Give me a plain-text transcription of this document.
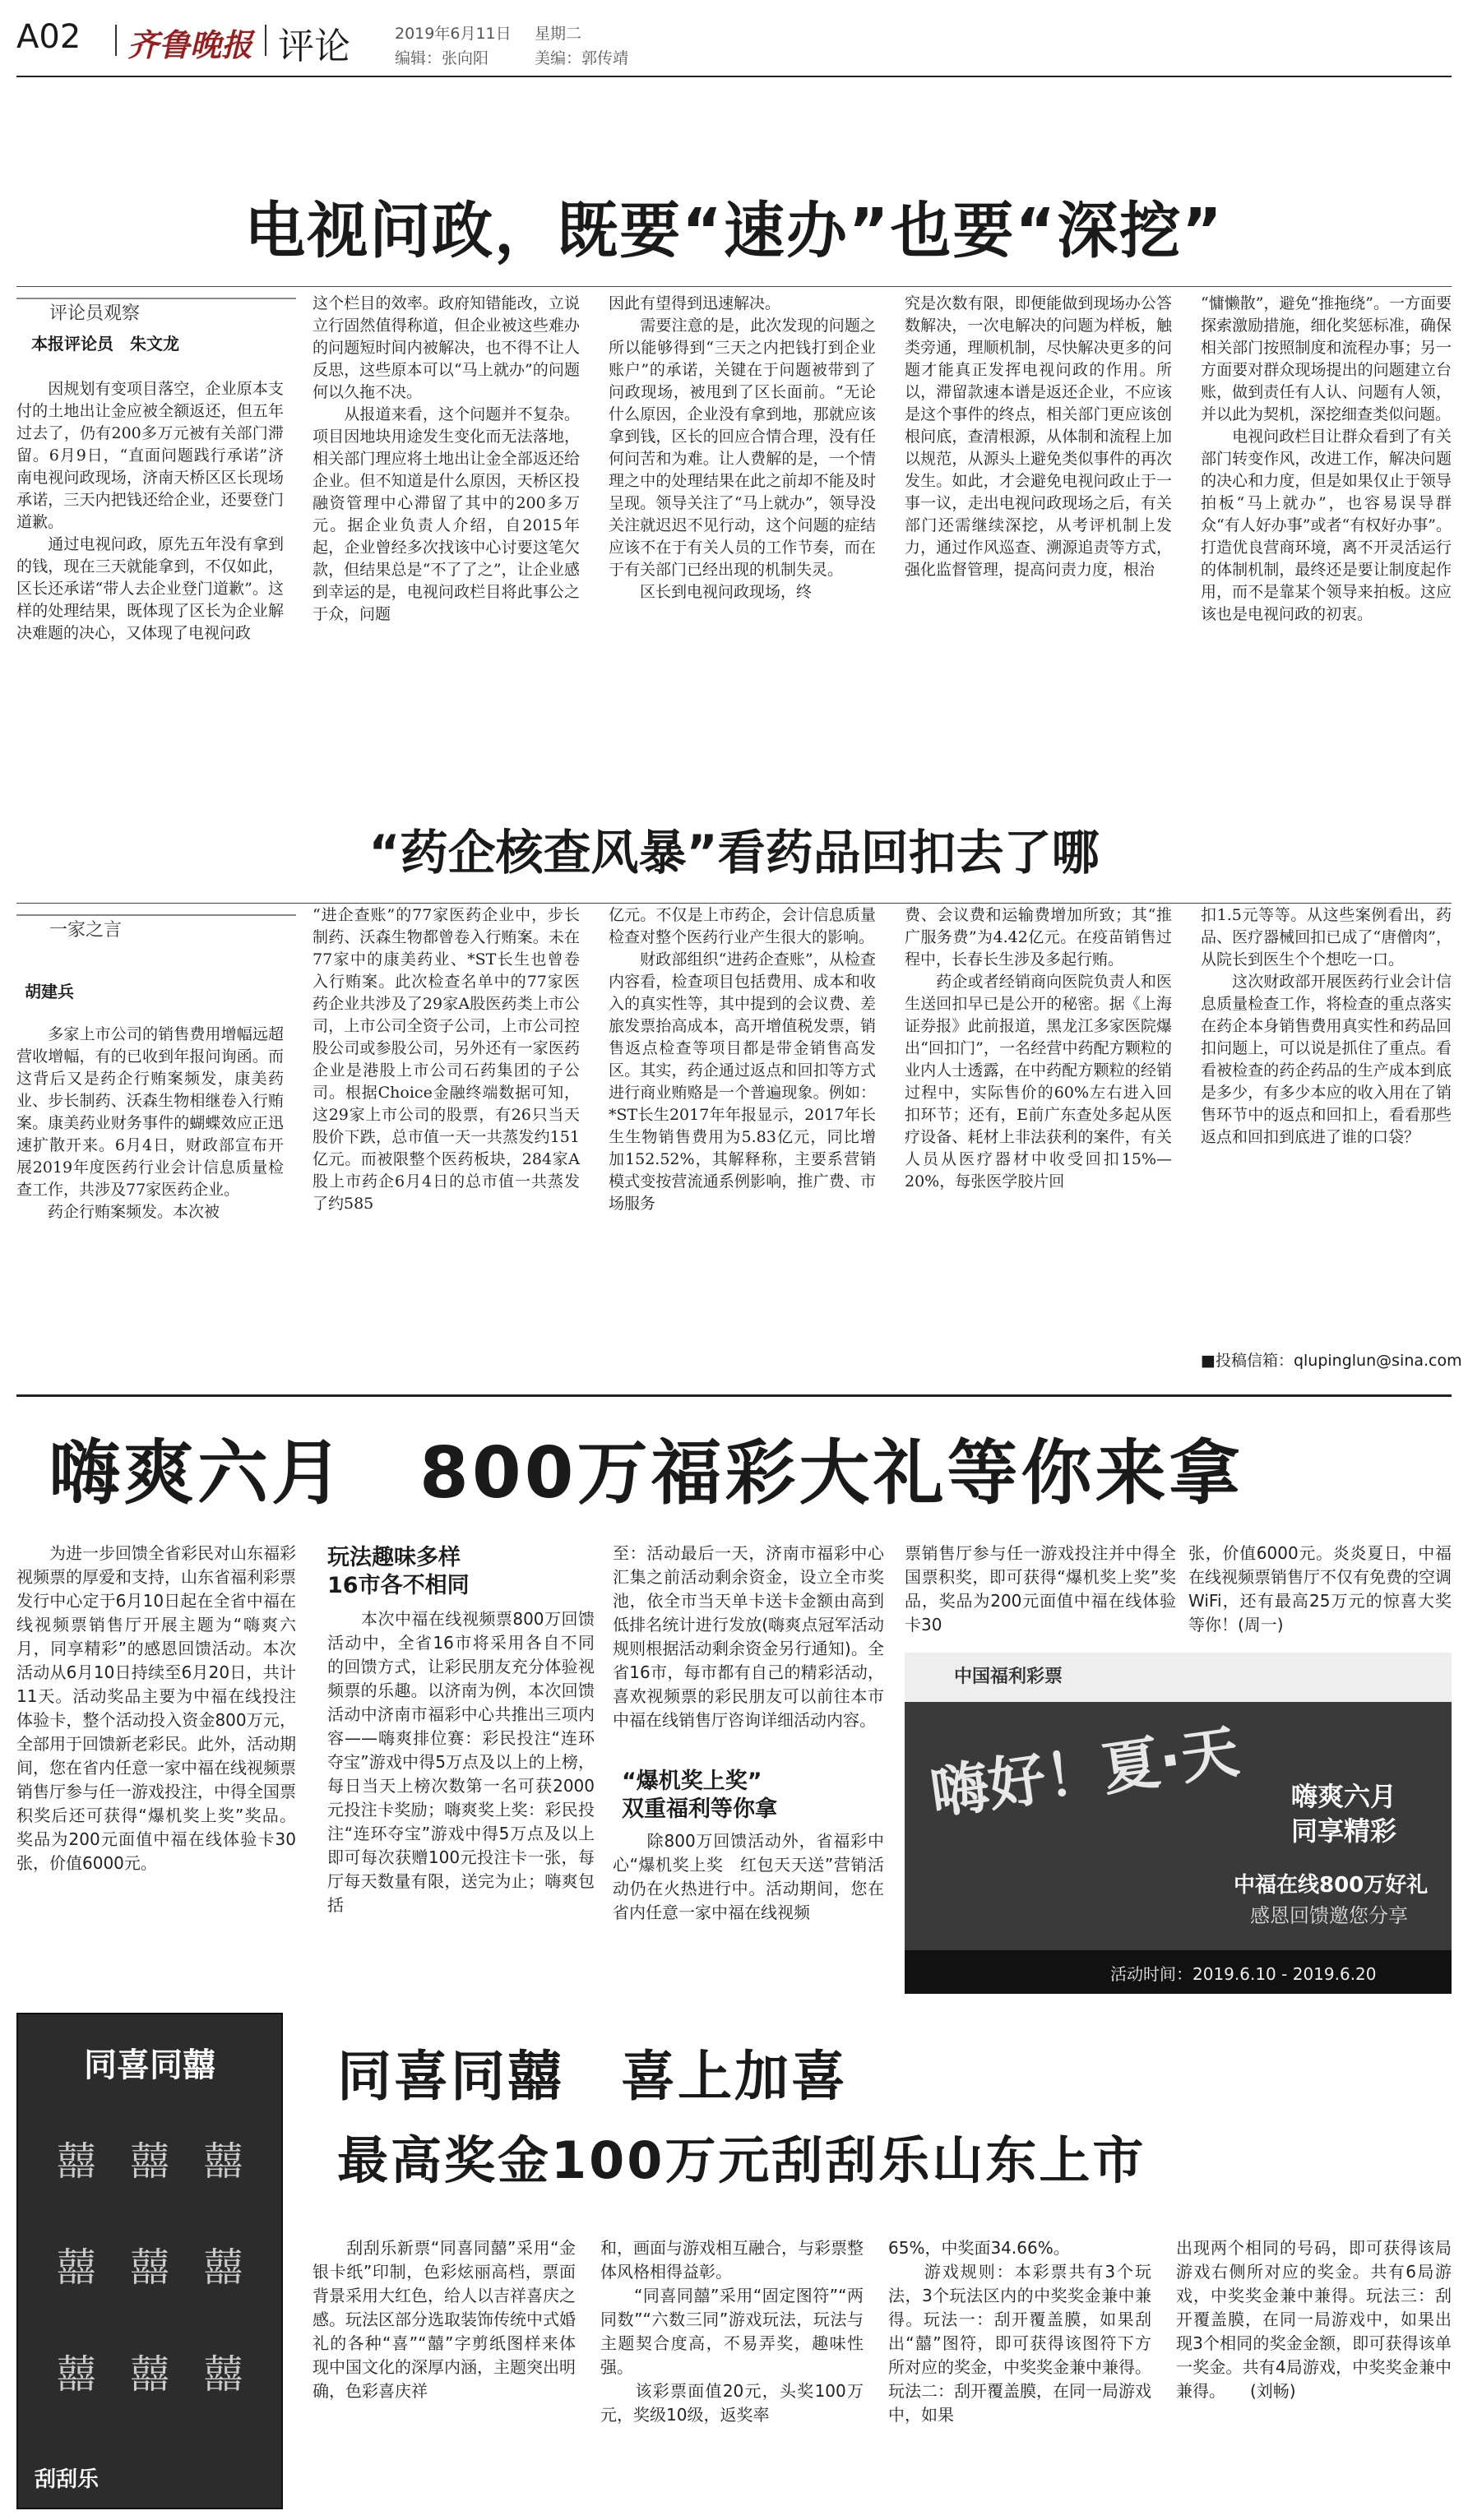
A02 齐鲁晚报 评论	2019年6月11日 星期二
编辑：张向阳	美编：郭传靖
电视问政，既要“速办”也要“深挖”
评论员观察
本报评论员　朱文龙
　　因规划有变项目落空，企业原本支付的土地出让金应被全额返还，但五年过去了，仍有200多万元被有关部门滞留。6月9日，“直面问题践行承诺”济南电视问政现场，济南天桥区区长现场承诺，三天内把钱还给企业，还要登门道歉。
　　通过电视问政，原先五年没有拿到的钱，现在三天就能拿到，不仅如此，区长还承诺“带人去企业登门道歉”。这样的处理结果，既体现了区长为企业解决难题的决心，又体现了电视问政
这个栏目的效率。政府知错能改，立说立行固然值得称道，但企业被这些难办的问题短时间内被解决，也不得不让人反思，这些原本可以“马上就办”的问题何以久拖不决。
　　从报道来看，这个问题并不复杂。项目因地块用途发生变化而无法落地，相关部门理应将土地出让金全部返还给企业。但不知道是什么原因，天桥区投融资管理中心滞留了其中的200多万元。据企业负责人介绍，自2015年起，企业曾经多次找该中心讨要这笔欠款，但结果总是“不了了之”，让企业感到幸运的是，电视问政栏目将此事公之于众，问题
因此有望得到迅速解决。
　　需要注意的是，此次发现的问题之所以能够得到“三天之内把钱打到企业账户”的承诺，关键在于问题被带到了问政现场，被甩到了区长面前。“无论什么原因，企业没有拿到地，那就应该拿到钱，区长的回应合情合理，没有任何问苦和为难。让人费解的是，一个情理之中的处理结果在此之前却不能及时呈现。领导关注了“马上就办”，领导没关注就迟迟不见行动，这个问题的症结应该不在于有关人员的工作节奏，而在于有关部门已经出现的机制失灵。
　　区长到电视问政现场，终
究是次数有限，即便能做到现场办公答数解决，一次电解决的问题为样板，触类旁通，理顺机制，尽快解决更多的问题才能真正发挥电视问政的作用。所以，滞留款速本谱是返还企业，不应该是这个事件的终点，相关部门更应该创根问底，查清根源，从体制和流程上加以规范，从源头上避免类似事件的再次发生。如此，才会避免电视问政止于一事一议，走出电视问政现场之后，有关部门还需继续深挖，从考评机制上发力，通过作风巡查、溯源追责等方式，强化监督管理，提高问责力度，根治
“慵懒散”，避免“推拖绕”。一方面要探索激励措施，细化奖惩标准，确保相关部门按照制度和流程办事；另一方面要对群众现场提出的问题建立台账，做到责任有人认、问题有人领，并以此为契机，深挖细查类似问题。
　　电视问政栏目让群众看到了有关部门转变作风，改进工作，解决问题的决心和力度，但是如果仅止于领导拍板“马上就办”，也容易误导群众“有人好办事”或者“有权好办事”。打造优良营商环境，离不开灵活运行的体制机制，最终还是要让制度起作用，而不是靠某个领导来拍板。这应该也是电视问政的初衷。
“药企核查风暴”看药品回扣去了哪
一家之言
胡建兵
　　多家上市公司的销售费用增幅远超营收增幅，有的已收到年报问询函。而这背后又是药企行贿案频发，康美药业、步长制药、沃森生物相继卷入行贿案。康美药业财务事件的蝴蝶效应正迅速扩散开来。6月4日，财政部宣布开展2019年度医药行业会计信息质量检查工作，共涉及77家医药企业。
　　药企行贿案频发。本次被
“进企查账”的77家医药企业中，步长制药、沃森生物都曾卷入行贿案。未在77家中的康美药业、*ST长生也曾卷入行贿案。此次检查名单中的77家医药企业共涉及了29家A股医药类上市公司，上市公司全资子公司，上市公司控股公司或参股公司，另外还有一家医药企业是港股上市公司石药集团的子公司。根据Choice金融终端数据可知，这29家上市公司的股票，有26只当天股价下跌，总市值一天一共蒸发约151亿元。而被限整个医药板块，284家A股上市药企6月4日的总市值一共蒸发了约585
亿元。不仅是上市药企，会计信息质量检查对整个医药行业产生很大的影响。
　　财政部组织“进药企查账”，从检查内容看，检查项目包括费用、成本和收入的真实性等，其中提到的会议费、差旅发票抬高成本，高开增值税发票，销售返点检查等项目都是带金销售高发区。其实，药企通过返点和回扣等方式进行商业贿赂是一个普遍现象。例如：*ST长生2017年年报显示，2017年长生生物销售费用为5.83亿元，同比增加152.52%，其解释称，主要系营销模式变按营流通系例影响，推广费、市场服务
费、会议费和运输费增加所致；其“推广服务费”为4.42亿元。在疫苗销售过程中，长春长生涉及多起行贿。
　　药企或者经销商向医院负责人和医生送回扣早已是公开的秘密。据《上海证券报》此前报道，黑龙江多家医院爆出“回扣门”，一名经营中药配方颗粒的业内人士透露，在中药配方颗粒的经销过程中，实际售价的60%左右进入回扣环节；还有，E前广东查处多起从医疗设备、耗材上非法获利的案件，有关人员从医疗器材中收受回扣15%—20%，每张医学胶片回
扣1.5元等等。从这些案例看出，药品、医疗器械回扣已成了“唐僧肉”，从院长到医生个个想吃一口。
　　这次财政部开展医药行业会计信息质量检查工作，将检查的重点落实在药企本身销售费用真实性和药品回扣问题上，可以说是抓住了重点。看看被检查的药企药品的生产成本到底是多少，有多少本应的收入用在了销售环节中的返点和回扣上，看看那些返点和回扣到底进了谁的口袋？
■投稿信箱：qlupinglun@sina.com
嗨爽六月　800万福彩大礼等你来拿
　　为进一步回馈全省彩民对山东福彩视频票的厚爱和支持，山东省福利彩票发行中心定于6月10日起在全省中福在线视频票销售厅开展主题为“嗨爽六月，同享精彩”的感恩回馈活动。本次活动从6月10日持续至6月20日，共计11天。活动奖品主要为中福在线投注体验卡，整个活动投入资金800万元，全部用于回馈新老彩民。此外，活动期间，您在省内任意一家中福在线视频票销售厅参与任一游戏投注，中得全国票积奖后还可获得“爆机奖上奖”奖品。奖品为200元面值中福在线体验卡30张，价值6000元。
玩法趣味多样
16市各不相同
　　本次中福在线视频票800万回馈活动中，全省16市将采用各自不同的回馈方式，让彩民朋友充分体验视频票的乐趣。以济南为例，本次回馈活动中济南市福彩中心共推出三项内容——嗨爽排位赛：彩民投注“连环夺宝”游戏中得5万点及以上的上榜，每日当天上榜次数第一名可获2000元投注卡奖励；嗨爽奖上奖：彩民投注“连环夺宝”游戏中得5万点及以上即可每次获赠100元投注卡一张，每厅每天数量有限，送完为止；嗨爽包括
至：活动最后一天，济南市福彩中心汇集之前活动剩余资金，设立全市奖池，依全市当天单卡送卡金额由高到低排名统计进行发放(嗨爽点冠军活动规则根据活动剩余资金另行通知)。全省16市，每市都有自己的精彩活动，喜欢视频票的彩民朋友可以前往本市中福在线销售厅咨询详细活动内容。
“爆机奖上奖”
双重福利等你拿
　　除800万回馈活动外，省福彩中心“爆机奖上奖　红包天天送”营销活动仍在火热进行中。活动期间，您在省内任意一家中福在线视频
票销售厅参与任一游戏投注并中得全国票积奖，即可获得“爆机奖上奖”奖品，奖品为200元面值中福在线体验卡30
张，价值6000元。炎炎夏日，中福在线视频票销售厅不仅有免费的空调WiFi，还有最高25万元的惊喜大奖等你！(周一)
中国福利彩票
嗨好！夏·天 嗨爽六月
同享精彩
中福在线800万好礼
感恩回馈邀您分享
活动时间：2019.6.10 - 2019.6.20
同喜同囍
囍 囍 囍
囍 囍 囍
囍 囍 囍
刮刮乐
同喜同囍　喜上加喜
最高奖金100万元刮刮乐山东上市
　　刮刮乐新票“同喜同囍”采用“金银卡纸”印制，色彩炫丽高档，票面背景采用大红色，给人以吉祥喜庆之感。玩法区部分选取装饰传统中式婚礼的各种“喜”“囍”字剪纸图样来体现中国文化的深厚内涵，主题突出明确，色彩喜庆祥
和，画面与游戏相互融合，与彩票整体风格相得益彰。
　　“同喜同囍”采用“固定图符”“两同数”“六数三同”游戏玩法，玩法与主题契合度高，不易弄奖，趣味性强。
　　该彩票面值20元，头奖100万元，奖级10级，返奖率
65%，中奖面34.66%。
　　游戏规则：本彩票共有3个玩法，3个玩法区内的中奖奖金兼中兼得。玩法一：刮开覆盖膜，如果刮出“囍”图符，即可获得该图符下方所对应的奖金，中奖奖金兼中兼得。玩法二：刮开覆盖膜，在同一局游戏中，如果
出现两个相同的号码，即可获得该局游戏右侧所对应的奖金。共有6局游戏，中奖奖金兼中兼得。玩法三：刮开覆盖膜，在同一局游戏中，如果出现3个相同的奖金金额，即可获得该单一奖金。共有4局游戏，中奖奖金兼中兼得。　　(刘畅)
